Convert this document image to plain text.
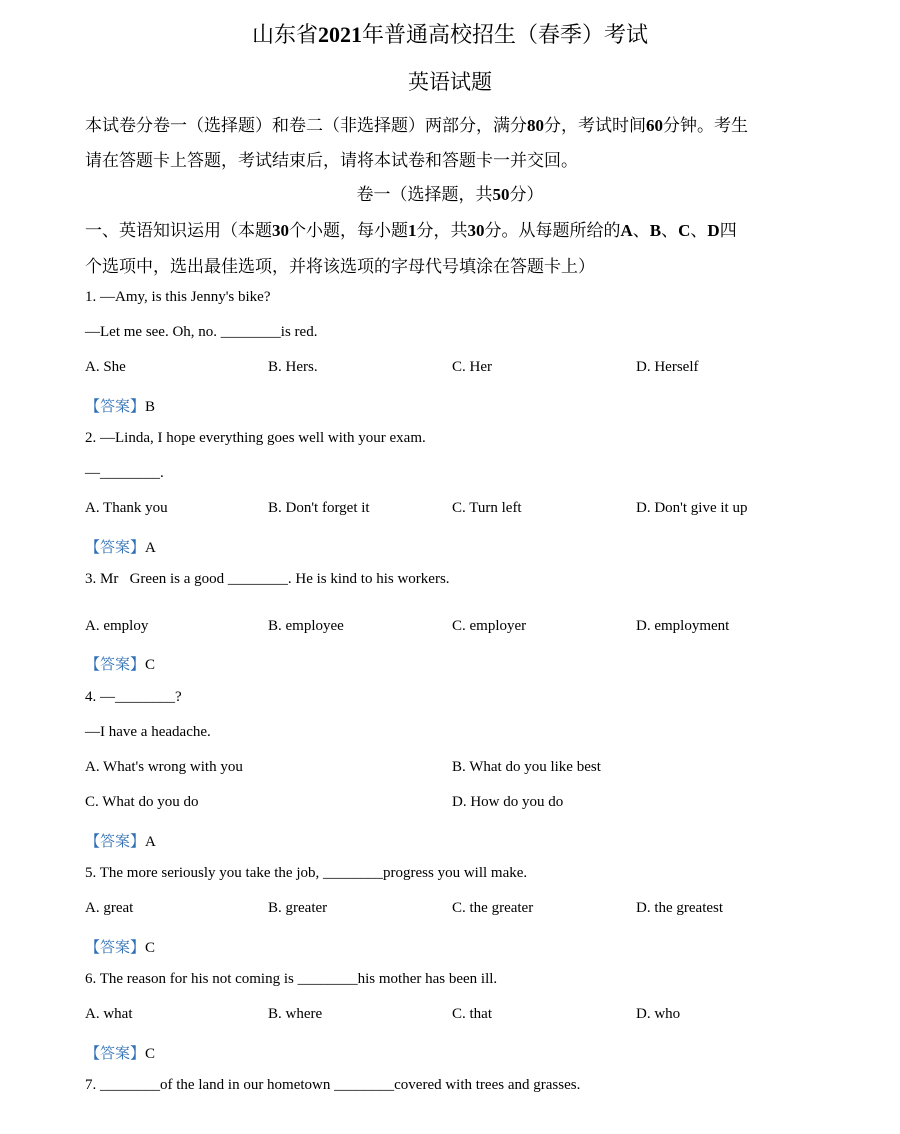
山东省2021年普通高校招生（春季）考试
英语试题
本试卷分卷一（选择题）和卷二（非选择题）两部分，满分80分，考试时间60分钟。考生
请在答题卡上答题，考试结束后，请将本试卷和答题卡一并交回。
卷一（选择题，共50分）
一、英语知识运用（本题30个小题，每小题1分，共30分。从每题所给的A、B、C、D四
个选项中，选出最佳选项，并将该选项的字母代号填涂在答题卡上）
1. —Amy, is this Jenny's bike?
—Let me see. Oh, no. ________is red.
A. She	B. Hers.	C. Her	D. Herself
【答案】B
2. —Linda, I hope everything goes well with your exam.
—________.
A. Thank you	B. Don't forget it	C. Turn left	D. Don't give it up
【答案】A
3. Mr   Green is a good ________. He is kind to his workers.
A. employ	B. employee	C. employer	D. employment
【答案】C
4. —________?
—I have a headache.
A. What's wrong with you	B. What do you like best
C. What do you do	D. How do you do
【答案】A
5. The more seriously you take the job, ________progress you will make.
A. great	B. greater	C. the greater	D. the greatest
【答案】C
6. The reason for his not coming is ________his mother has been ill.
A. what	B. where	C. that	D. who
【答案】C
7. ________of the land in our hometown ________covered with trees and grasses.
